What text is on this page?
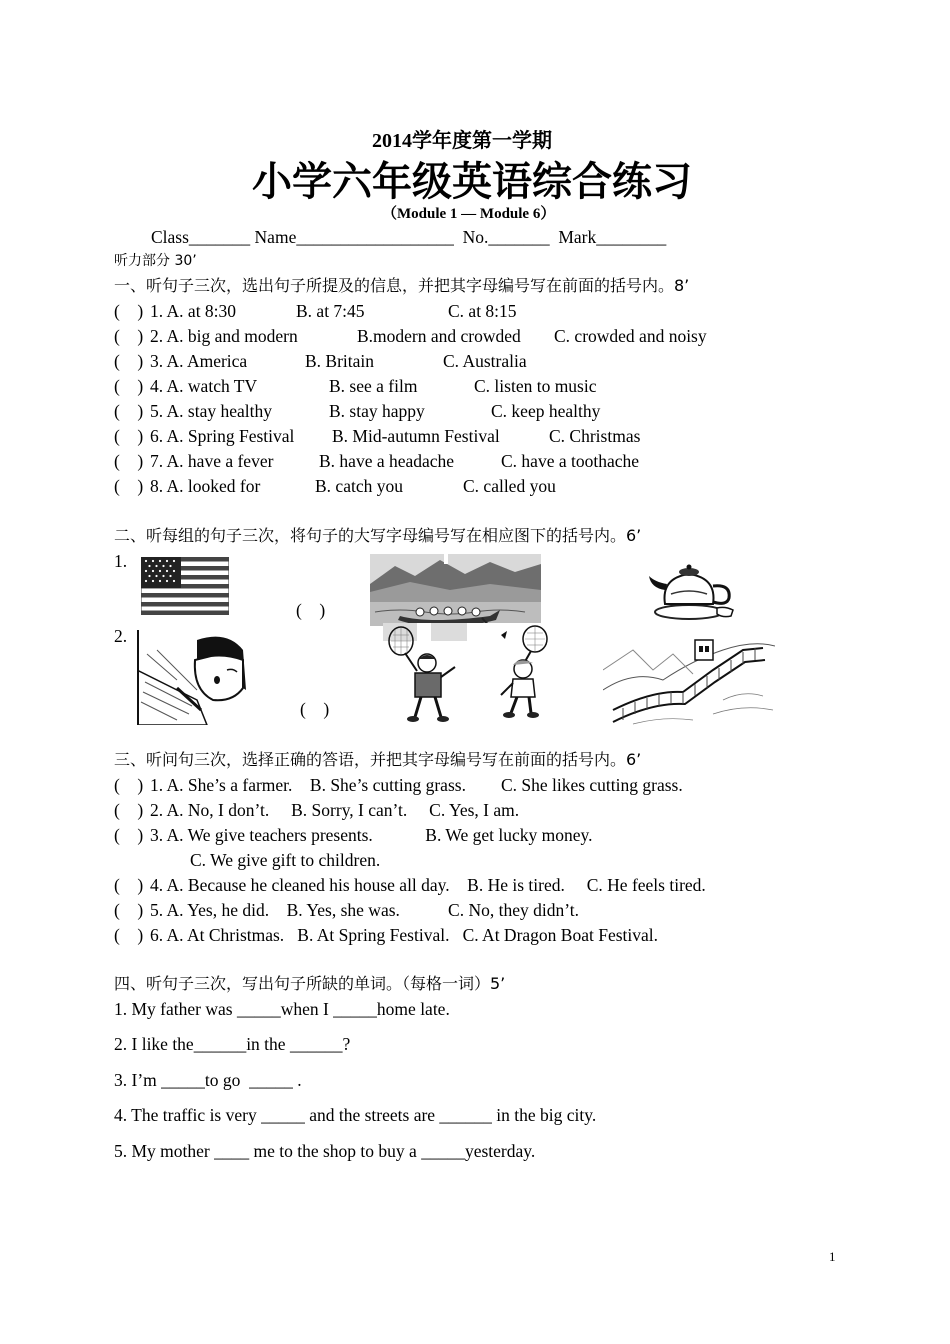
2014学年度第一学期
小学六年级英语综合练习
（Module 1 — Module 6）
Class_______ Name__________________  No._______  Mark________
听力部分 30’
一、听句子三次，选出句子所提及的信息，并把其字母编号写在前面的括号内。8’
(    ) 1. A. at 8:30	B. at 7:45	C. at 8:15
(    ) 2. A. big and modern	B.modern and crowded C. crowded and noisy
(    ) 3. A. America	B. Britain	C. Australia
(    ) 4. A. watch TV	B. see a film	C. listen to music
(    ) 5. A. stay healthy	B. stay happy	C. keep healthy
(    ) 6. A. Spring Festival B. Mid-autumn Festival	C. Christmas
(    ) 7. A. have a fever	B. have a headache	C. have a toothache
(    ) 8. A. looked for	B. catch you	C. called you
二、听每组的句子三次，将句子的大写字母编号写在相应图下的括号内。6’
1.
2.
(    )
(    )
三、听问句三次，选择正确的答语，并把其字母编号写在前面的括号内。6’
(    ) 1. A. She’s a farmer.    B. She’s cutting grass.        C. She likes cutting grass.
(    ) 2. A. No, I don’t.     B. Sorry, I can’t.     C. Yes, I am.
(    ) 3. A. We give teachers presents.            B. We get lucky money.
C. We give gift to children.
(    ) 4. A. Because he cleaned his house all day.    B. He is tired.     C. He feels tired.
(    ) 5. A. Yes, he did.    B. Yes, she was.           C. No, they didn’t.
(    ) 6. A. At Christmas.   B. At Spring Festival.   C. At Dragon Boat Festival.
四、听句子三次，写出句子所缺的单词。（每格一词）5’
1. My father was _____when I _____home late.
2. I like the______in the ______?
3. I’m _____to go  _____ .
4. The traffic is very _____ and the streets are ______ in the big city.
5. My mother ____ me to the shop to buy a _____yesterday.
1
